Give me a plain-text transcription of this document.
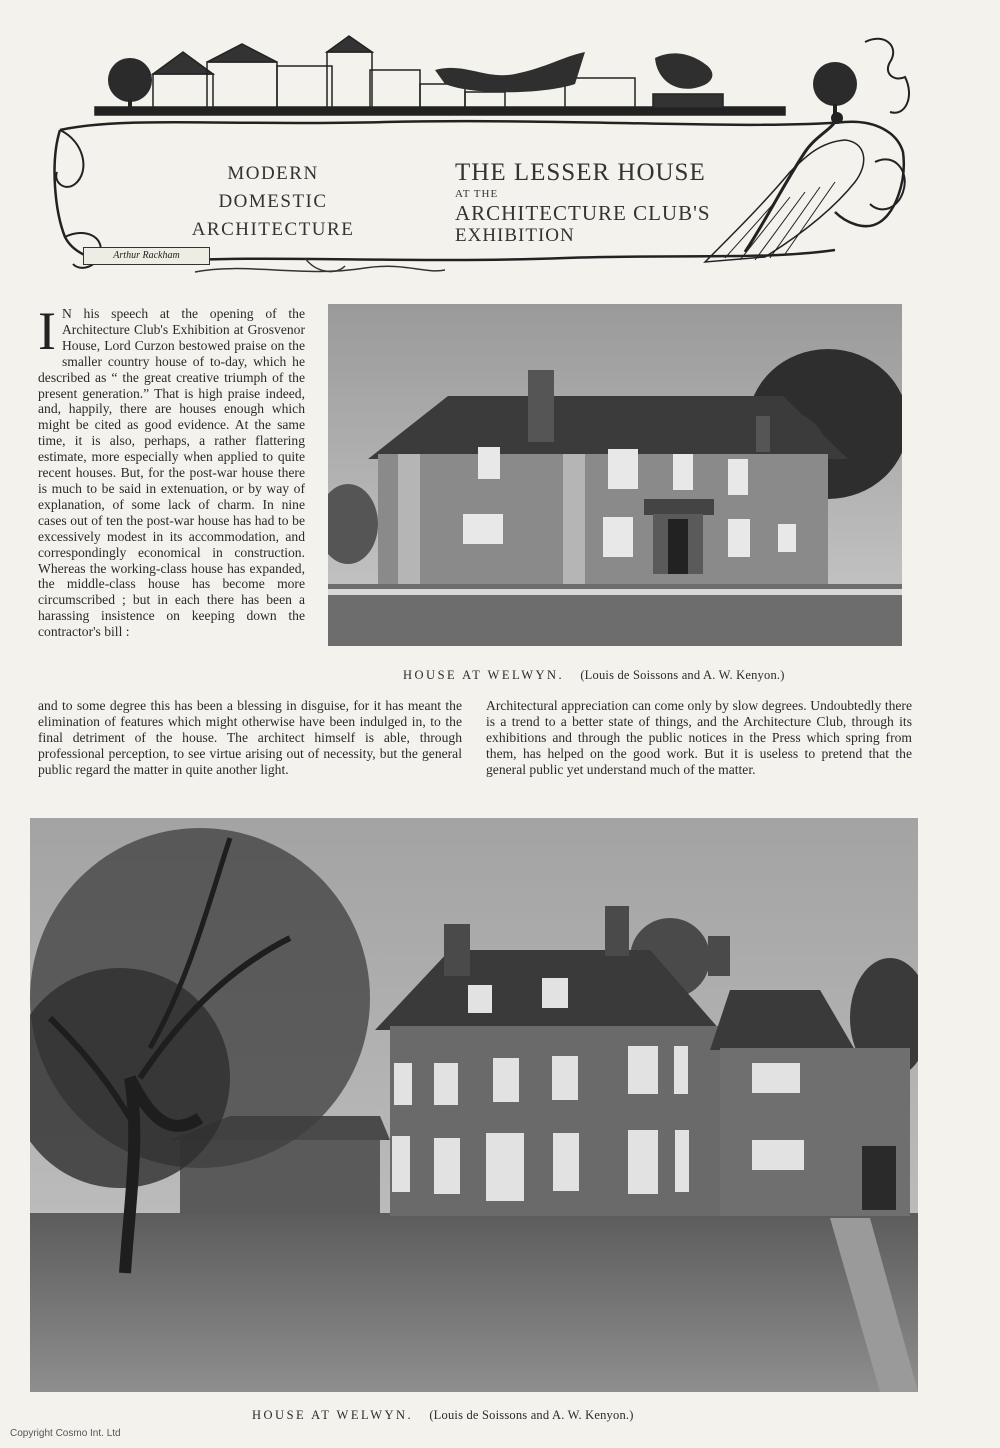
MODERN
DOMESTIC
ARCHITECTURE
THE LESSER HOUSE
AT THE
ARCHITECTURE CLUB'S
EXHIBITION
Arthur Rackham
I N his speech at the opening of the Architecture Club's Exhibition at Grosvenor House, Lord Curzon bestowed praise on the smaller country house of to-day, which he described as “ the great creative triumph of the present generation.” That is high praise indeed, and, happily, there are houses enough which might be cited as good evidence. At the same time, it is also, perhaps, a rather flattering estimate, more especially when applied to quite recent houses. But, for the post-war house there is much to be said in extenuation, or by way of explanation, of some lack of charm. In nine cases out of ten the post-war house has had to be excessively modest in its accommodation, and correspondingly economical in construction. Whereas the working-class house has expanded, the middle-class house has become more circumscribed ; but in each there has been a harassing insistence on keeping down the contractor's bill :
HOUSE AT WELWYN. (Louis de Soissons and A. W. Kenyon.)
and to some degree this has been a blessing in disguise, for it has meant the elimination of features which might otherwise have been indulged in, to the final detriment of the house. The architect himself is able, through professional perception, to see virtue arising out of necessity, but the general public regard the matter in quite another light.
Architectural appreciation can come only by slow degrees. Undoubtedly there is a trend to a better state of things, and the Architecture Club, through its exhibitions and through the public notices in the Press which spring from them, has helped on the good work. But it is useless to pretend that the general public yet understand much of the matter.
HOUSE AT WELWYN. (Louis de Soissons and A. W. Kenyon.)
Copyright Cosmo Int. Ltd
